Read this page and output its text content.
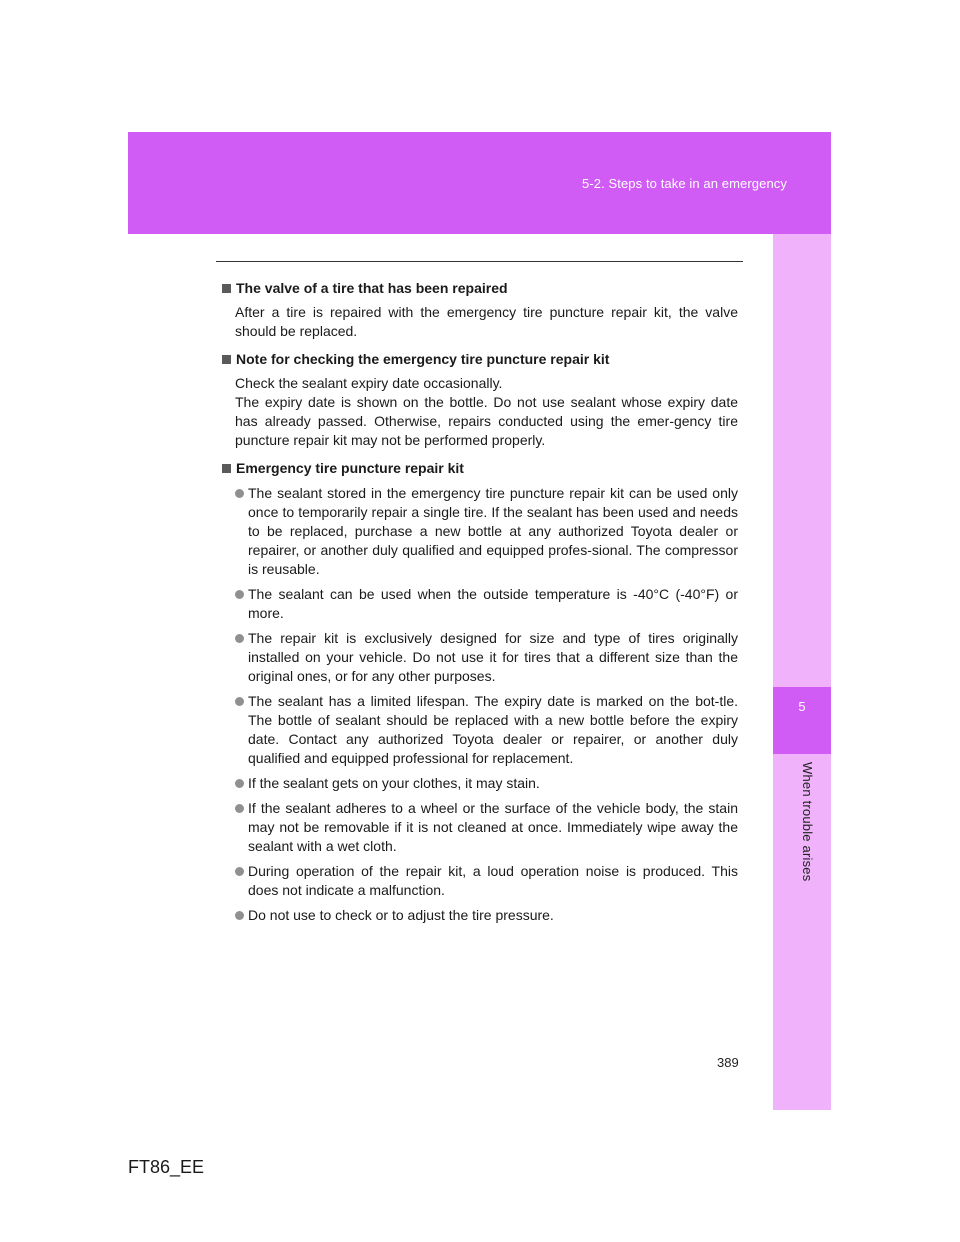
5-2. Steps to take in an emergency
5
When trouble arises

The valve of a tire that has been repaired

After a tire is repaired with the emergency tire puncture repair kit, the valve should be replaced.

Note for checking the emergency tire puncture repair kit

Check the sealant expiry date occasionally.
The expiry date is shown on the bottle. Do not use sealant whose expiry date has already passed. Otherwise, repairs conducted using the emer-gency tire puncture repair kit may not be performed properly.

Emergency tire puncture repair kit

The sealant stored in the emergency tire puncture repair kit can be used only once to temporarily repair a single tire. If the sealant has been used and needs to be replaced, purchase a new bottle at any authorized Toyota dealer or repairer, or another duly qualified and equipped profes-sional. The compressor is reusable.
The sealant can be used when the outside temperature is -40°C (-40°F) or more.
The repair kit is exclusively designed for size and type of tires originally installed on your vehicle. Do not use it for tires that a different size than the original ones, or for any other purposes.
The sealant has a limited lifespan. The expiry date is marked on the bot-tle. The bottle of sealant should be replaced with a new bottle before the expiry date. Contact any authorized Toyota dealer or repairer, or another duly qualified and equipped professional for replacement.
If the sealant gets on your clothes, it may stain.
If the sealant adheres to a wheel or the surface of the vehicle body, the stain may not be removable if it is not cleaned at once. Immediately wipe away the sealant with a wet cloth.
During operation of the repair kit, a loud operation noise is produced. This does not indicate a malfunction.
Do not use to check or to adjust the tire pressure.
389
FT86_EE
